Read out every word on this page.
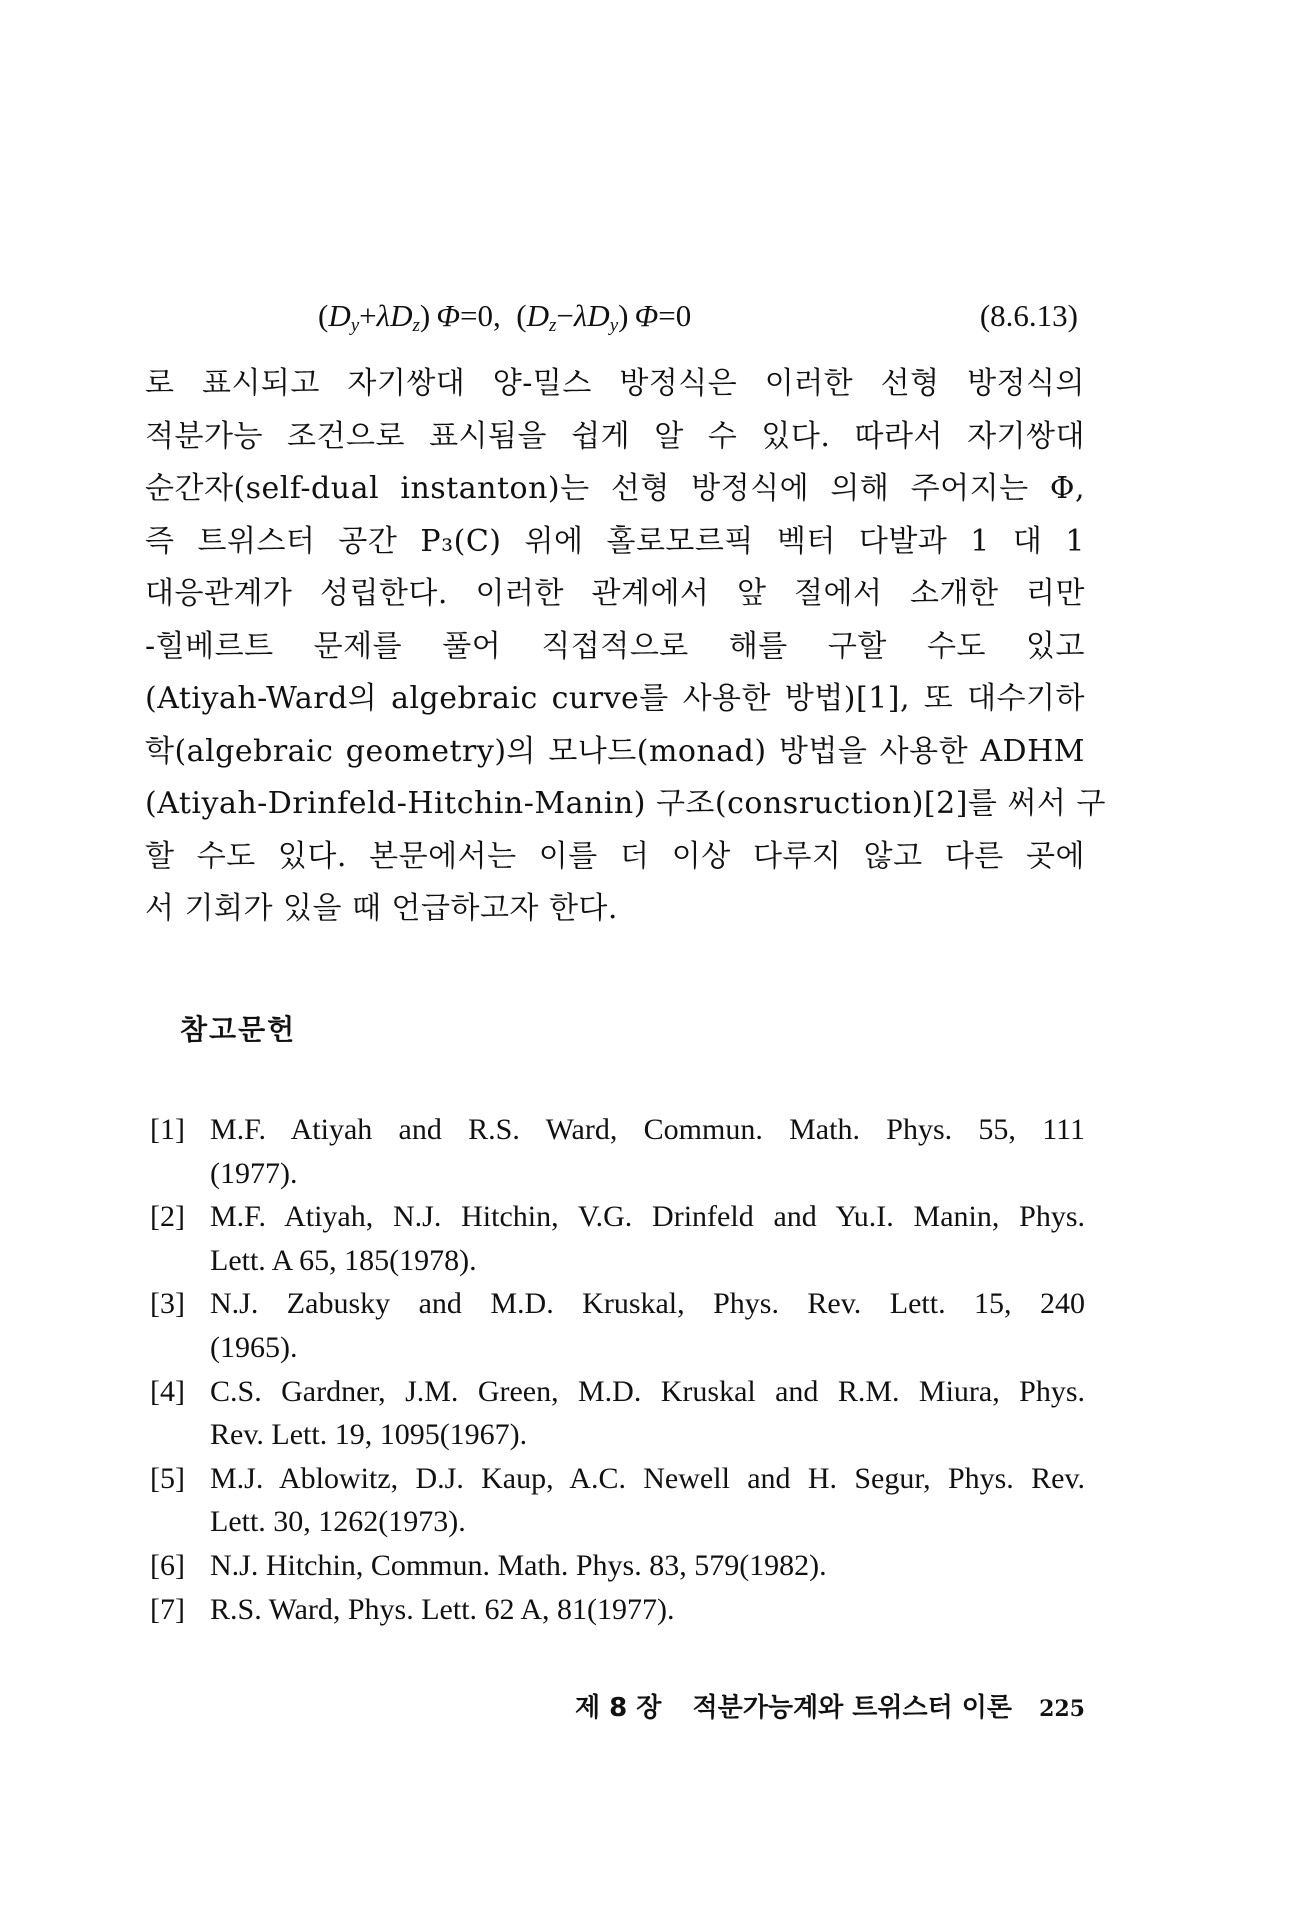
$(D_y+\lambda D_z)$ Φ=0,  $(D_z-\lambda D_y)$ Φ=0	(8.6.13)
로 표시되고 자기쌍대 양-밀스 방정식은 이러한 선형 방정식의
적분가능 조건으로 표시됨을 쉽게 알 수 있다. 따라서 자기쌍대
순간자(self-dual instanton)는 선형 방정식에 의해 주어지는 Φ,
즉 트위스터 공간 P₃(C) 위에 홀로모르픽 벡터 다발과 1 대 1
대응관계가 성립한다. 이러한 관계에서 앞 절에서 소개한 리만
-힐베르트 문제를 풀어 직접적으로 해를 구할 수도 있고
(Atiyah-Ward의 algebraic curve를 사용한 방법)[1], 또 대수기하
학(algebraic geometry)의 모나드(monad) 방법을 사용한 ADHM
(Atiyah-Drinfeld-Hitchin-Manin) 구조(consruction)[2]를 써서 구
할 수도 있다. 본문에서는 이를 더 이상 다루지 않고 다른 곳에
서 기회가 있을 때 언급하고자 한다.
참고문헌
[1] M.F. Atiyah and R.S. Ward, Commun. Math. Phys. 55, 111
(1977).
[2] M.F. Atiyah, N.J. Hitchin, V.G. Drinfeld and Yu.I. Manin, Phys.
Lett. A 65, 185(1978).
[3] N.J. Zabusky and M.D. Kruskal, Phys. Rev. Lett. 15, 240
(1965).
[4] C.S. Gardner, J.M. Green, M.D. Kruskal and R.M. Miura, Phys.
Rev. Lett. 19, 1095(1967).
[5] M.J. Ablowitz, D.J. Kaup, A.C. Newell and H. Segur, Phys. Rev.
Lett. 30, 1262(1973).
[6] N.J. Hitchin, Commun. Math. Phys. 83, 579(1982).
[7] R.S. Ward, Phys. Lett. 62 A, 81(1977).
제 8 장 적분가능계와 트위스터 이론 225
